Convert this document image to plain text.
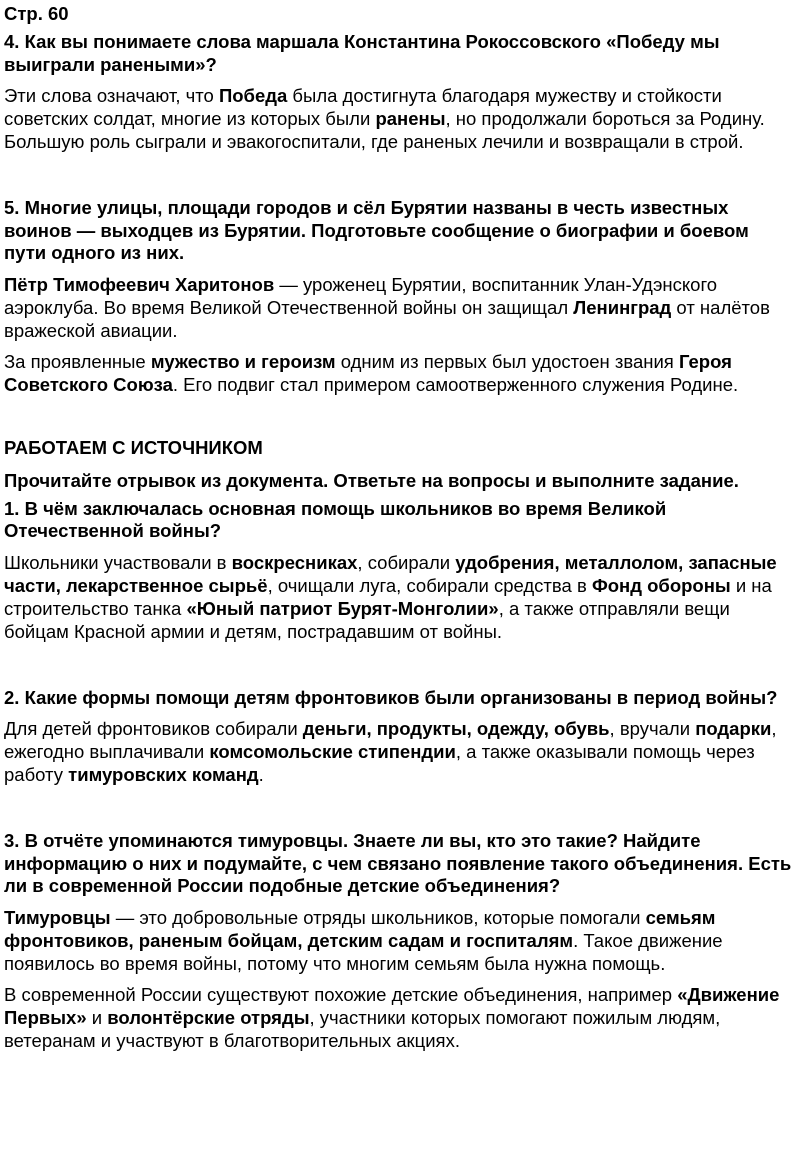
Стр. 60
4. Как вы понимаете слова маршала Константина Рокоссовского «Победу мы выиграли ранеными»?
Эти слова означают, что Победа была достигнута благодаря мужеству и стойкости советских солдат, многие из которых были ранены, но продолжали бороться за Родину. Большую роль сыграли и эвакогоспитали, где раненых лечили и возвращали в строй.
5. Многие улицы, площади городов и сёл Бурятии названы в честь известных воинов — выходцев из Бурятии. Подготовьте сообщение о биографии и боевом пути одного из них.
Пётр Тимофеевич Харитонов — уроженец Бурятии, воспитанник Улан-Удэнского аэроклуба. Во время Великой Отечественной войны он защищал Ленинград от налётов вражеской авиации.
За проявленные мужество и героизм одним из первых был удостоен звания Героя Советского Союза. Его подвиг стал примером самоотверженного служения Родине.
РАБОТАЕМ С ИСТОЧНИКОМ
Прочитайте отрывок из документа. Ответьте на вопросы и выполните задание.
1. В чём заключалась основная помощь школьников во время Великой Отечественной войны?
Школьники участвовали в воскресниках, собирали удобрения, металлолом, запасные части, лекарственное сырьё, очищали луга, собирали средства в Фонд обороны и на строительство танка «Юный патриот Бурят-Монголии», а также отправляли вещи бойцам Красной армии и детям, пострадавшим от войны.
2. Какие формы помощи детям фронтовиков были организованы в период войны?
Для детей фронтовиков собирали деньги, продукты, одежду, обувь, вручали подарки, ежегодно выплачивали комсомольские стипендии, а также оказывали помощь через работу тимуровских команд.
3. В отчёте упоминаются тимуровцы. Знаете ли вы, кто это такие? Найдите информацию о них и подумайте, с чем связано появление такого объединения. Есть ли в современной России подобные детские объединения?
Тимуровцы — это добровольные отряды школьников, которые помогали семьям фронтовиков, раненым бойцам, детским садам и госпиталям. Такое движение появилось во время войны, потому что многим семьям была нужна помощь.
В современной России существуют похожие детские объединения, например «Движение Первых» и волонтёрские отряды, участники которых помогают пожилым людям, ветеранам и участвуют в благотворительных акциях.
